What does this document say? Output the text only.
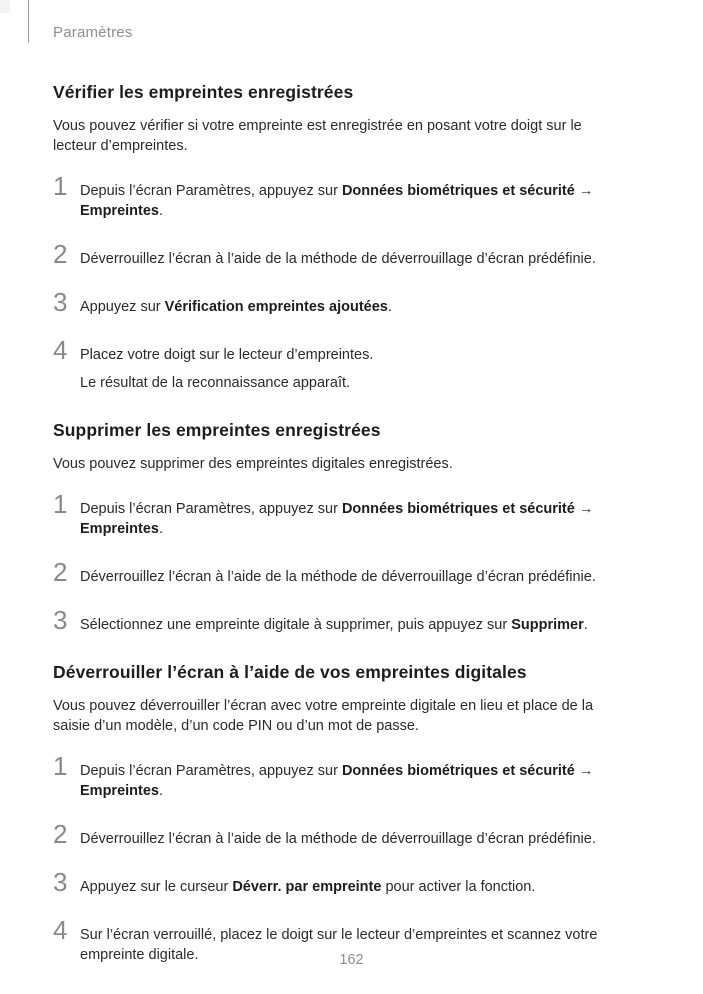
Paramètres
Vérifier les empreintes enregistrées

Vous pouvez vérifier si votre empreinte est enregistrée en posant votre doigt sur le lecteur d’empreintes.

1 Depuis l’écran Paramètres, appuyez sur Données biométriques et sécurité → Empreintes.
2 Déverrouillez l’écran à l’aide de la méthode de déverrouillage d’écran prédéfinie.
3 Appuyez sur Vérification empreintes ajoutées.
4 Placez votre doigt sur le lecteur d’empreintes.
Le résultat de la reconnaissance apparaît.
Supprimer les empreintes enregistrées

Vous pouvez supprimer des empreintes digitales enregistrées.

1 Depuis l’écran Paramètres, appuyez sur Données biométriques et sécurité → Empreintes.
2 Déverrouillez l’écran à l’aide de la méthode de déverrouillage d’écran prédéfinie.
3 Sélectionnez une empreinte digitale à supprimer, puis appuyez sur Supprimer.
Déverrouiller l’écran à l’aide de vos empreintes digitales

Vous pouvez déverrouiller l’écran avec votre empreinte digitale en lieu et place de la saisie d’un modèle, d’un code PIN ou d’un mot de passe.

1 Depuis l’écran Paramètres, appuyez sur Données biométriques et sécurité → Empreintes.
2 Déverrouillez l’écran à l’aide de la méthode de déverrouillage d’écran prédéfinie.
3 Appuyez sur le curseur Déverr. par empreinte pour activer la fonction.
4 Sur l’écran verrouillé, placez le doigt sur le lecteur d’empreintes et scannez votre empreinte digitale.	162
